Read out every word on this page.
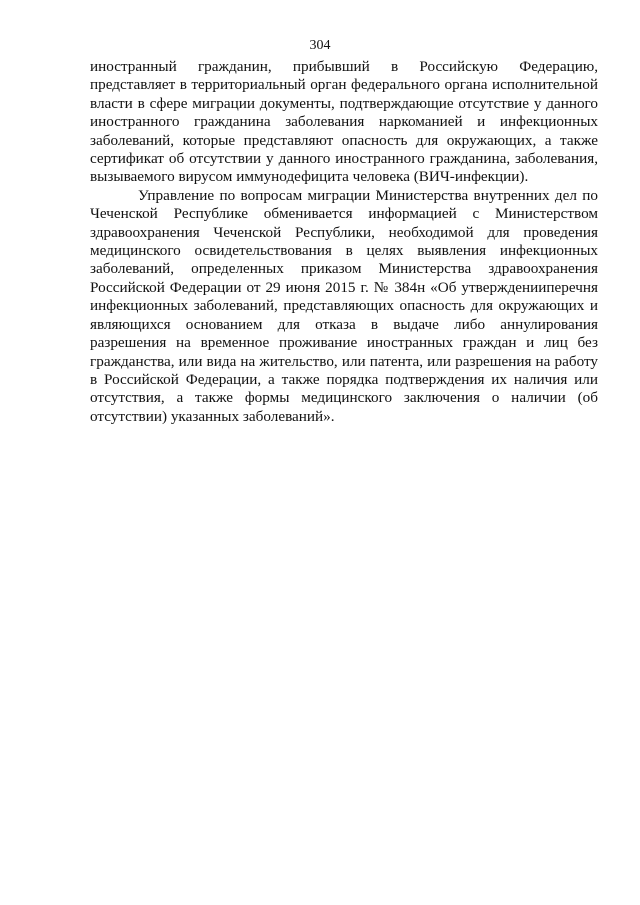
304

иностранный гражданин, прибывший в Российскую Федерацию, представляет в территориальный орган федерального органа исполнительной власти в сфере миграции документы, подтверждающие отсутствие у данного иностранного гражданина заболевания наркоманией и инфекционных заболеваний, которые представляют опасность для окружающих, а также сертификат об отсутствии у данного иностранного гражданина, заболевания, вызываемого вирусом иммунодефицита человека (ВИЧ-инфекции).

Управление по вопросам миграции Министерства внутренних дел по Чеченской Республике обменивается информацией с Министерством здравоохранения Чеченской Республики, необходимой для проведения медицинского освидетельствования в целях выявления инфекционных заболеваний, определенных приказом Министерства здравоохранения Российской Федерации от 29 июня 2015 г. № 384н «Об утвержденииперечня инфекционных заболеваний, представляющих опасность для окружающих и являющихся основанием для отказа в выдаче либо аннулирования разрешения на временное проживание иностранных граждан и лиц без гражданства, или вида на жительство, или патента, или разрешения на работу в Российской Федерации, а также порядка подтверждения их наличия или отсутствия, а также формы медицинского заключения о наличии (об отсутствии) указанных заболеваний».
